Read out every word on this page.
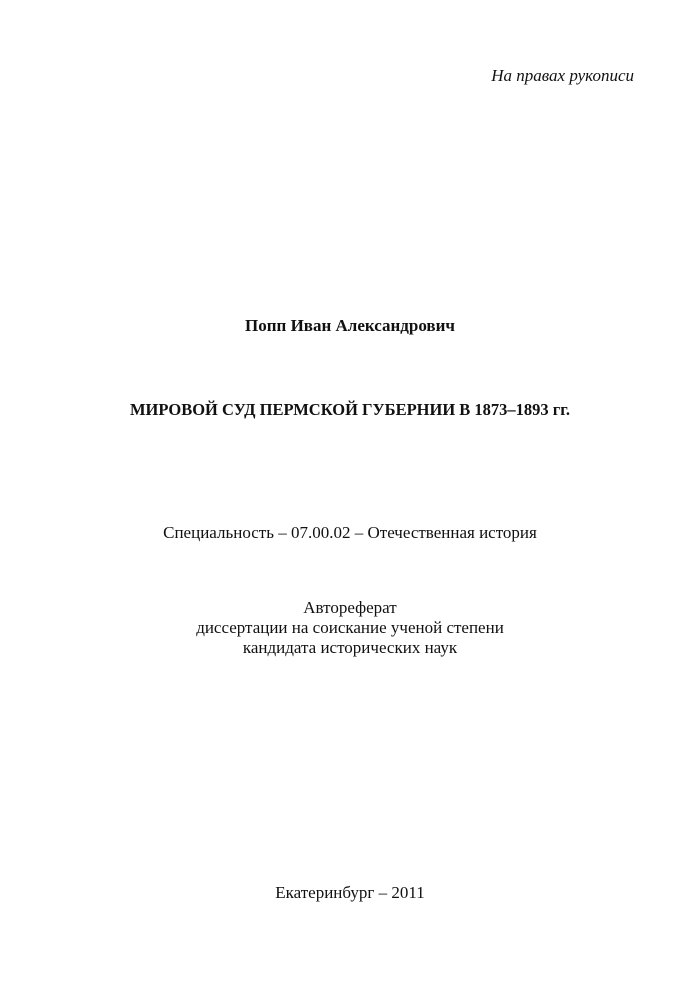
На правах рукописи
Попп Иван Александрович
МИРОВОЙ СУД ПЕРМСКОЙ ГУБЕРНИИ В 1873–1893 гг.
Специальность – 07.00.02 – Отечественная история
Автореферат
диссертации на соискание ученой степени
кандидата исторических наук
Екатеринбург – 2011
